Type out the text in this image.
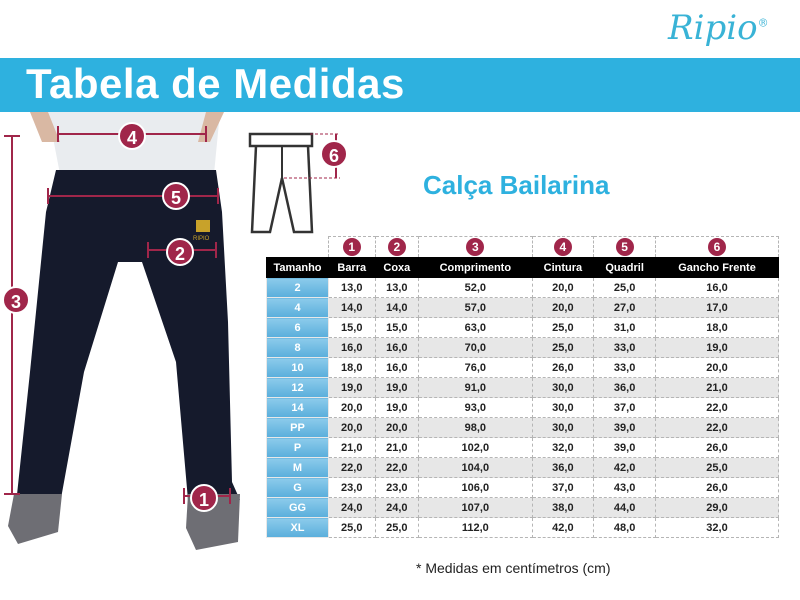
Ripio®
Tabela de Medidas
RIPIO
4
5
2
3
1
6
Calça Bailarina
	1	2	3	4	5	6
Tamanho	Barra	Coxa	Comprimento	Cintura	Quadril	Gancho Frente
2	13,0	13,0	52,0	20,0	25,0	16,0
4	14,0	14,0	57,0	20,0	27,0	17,0
6	15,0	15,0	63,0	25,0	31,0	18,0
8	16,0	16,0	70,0	25,0	33,0	19,0
10	18,0	16,0	76,0	26,0	33,0	20,0
12	19,0	19,0	91,0	30,0	36,0	21,0
14	20,0	19,0	93,0	30,0	37,0	22,0
PP	20,0	20,0	98,0	30,0	39,0	22,0
P	21,0	21,0	102,0	32,0	39,0	26,0
M	22,0	22,0	104,0	36,0	42,0	25,0
G	23,0	23,0	106,0	37,0	43,0	26,0
GG	24,0	24,0	107,0	38,0	44,0	29,0
XL	25,0	25,0	112,0	42,0	48,0	32,0
* Medidas em centímetros (cm)
